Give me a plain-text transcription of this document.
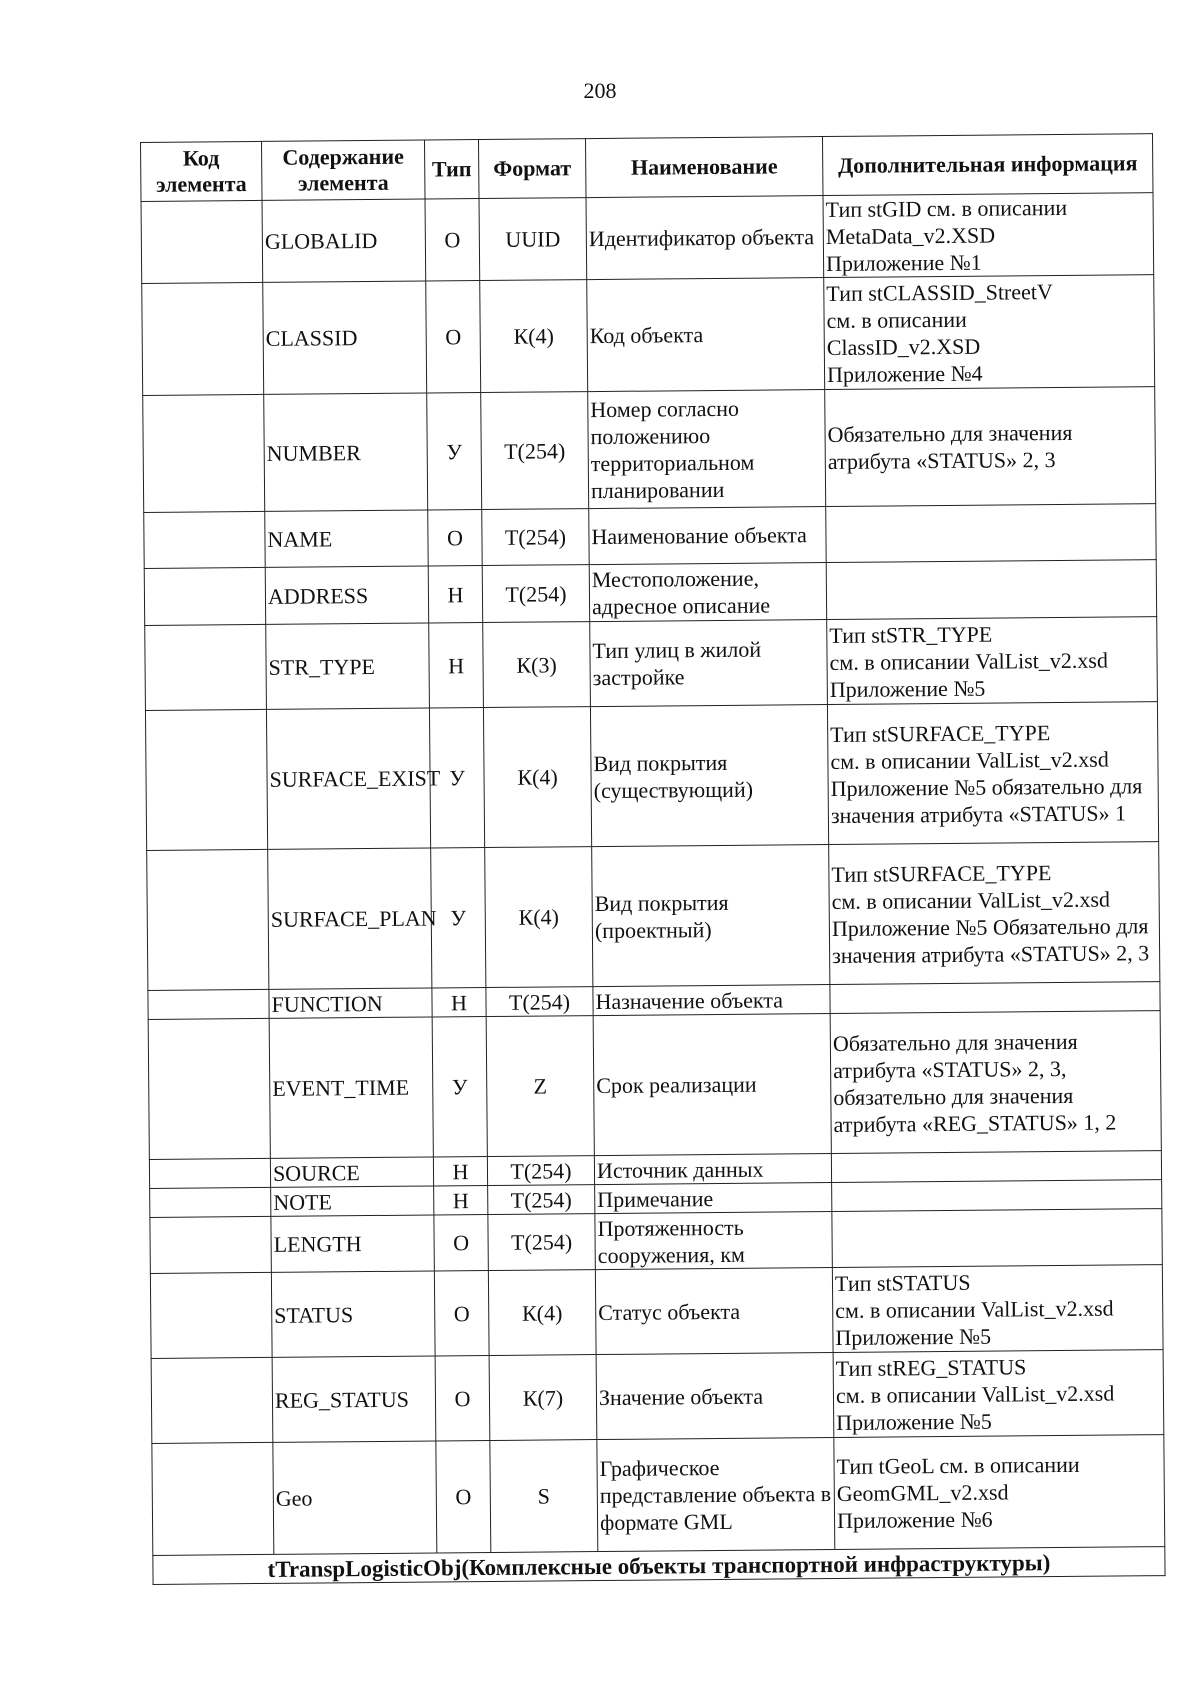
208
Код элемента	Содержание элемента	Тип	Формат	Наименование	Дополнительная информация
	GLOBALID	О	UUID	Идентификатор объекта	Тип stGID см. в описании MetaData_v2.XSD
Приложение №1
	CLASSID	О	К(4)	Код объекта	Тип stCLASSID_StreetV
см. в описании
ClassID_v2.XSD
Приложение №4
	NUMBER	У	Т(254)	Номер согласно положениюо территориальном планировании	Обязательно для значения атрибута «STATUS» 2, 3
	NAME	О	Т(254)	Наименование объекта	
	ADDRESS	Н	Т(254)	Местоположение, адресное описание	
	STR_TYPE	Н	К(3)	Тип улиц в жилой застройке	Тип stSTR_TYPE
см. в описании ValList_v2.xsd
Приложение №5
	SURFACE_EXIST	У	К(4)	Вид покрытия (существующий)	Тип stSURFACE_TYPE
см. в описании ValList_v2.xsd
Приложение №5 обязательно для значения атрибута «STATUS» 1
	SURFACE_PLAN	У	К(4)	Вид покрытия (проектный)	Тип stSURFACE_TYPE
см. в описании ValList_v2.xsd
Приложение №5 Обязательно для значения атрибута «STATUS» 2, 3
	FUNCTION	Н	Т(254)	Назначение объекта	
	EVENT_TIME	У	Z	Срок реализации	Обязательно для значения атрибута «STATUS» 2, 3, обязательно для значения атрибута «REG_STATUS» 1, 2
	SOURCE	Н	Т(254)	Источник данных	
	NOTE	Н	Т(254)	Примечание	
	LENGTH	О	Т(254)	Протяженность сооружения, км	
	STATUS	О	К(4)	Статус объекта	Тип stSTATUS
см. в описании ValList_v2.xsd
Приложение №5
	REG_STATUS	О	К(7)	Значение объекта	Тип stREG_STATUS
см. в описании ValList_v2.xsd
Приложение №5
	Geo	О	S	Графическое представление объекта в формате GML	Тип tGeoL см. в описании GeomGML_v2.xsd
Приложение №6
tTranspLogisticObj(Комплексные объекты транспортной инфраструктуры)					
